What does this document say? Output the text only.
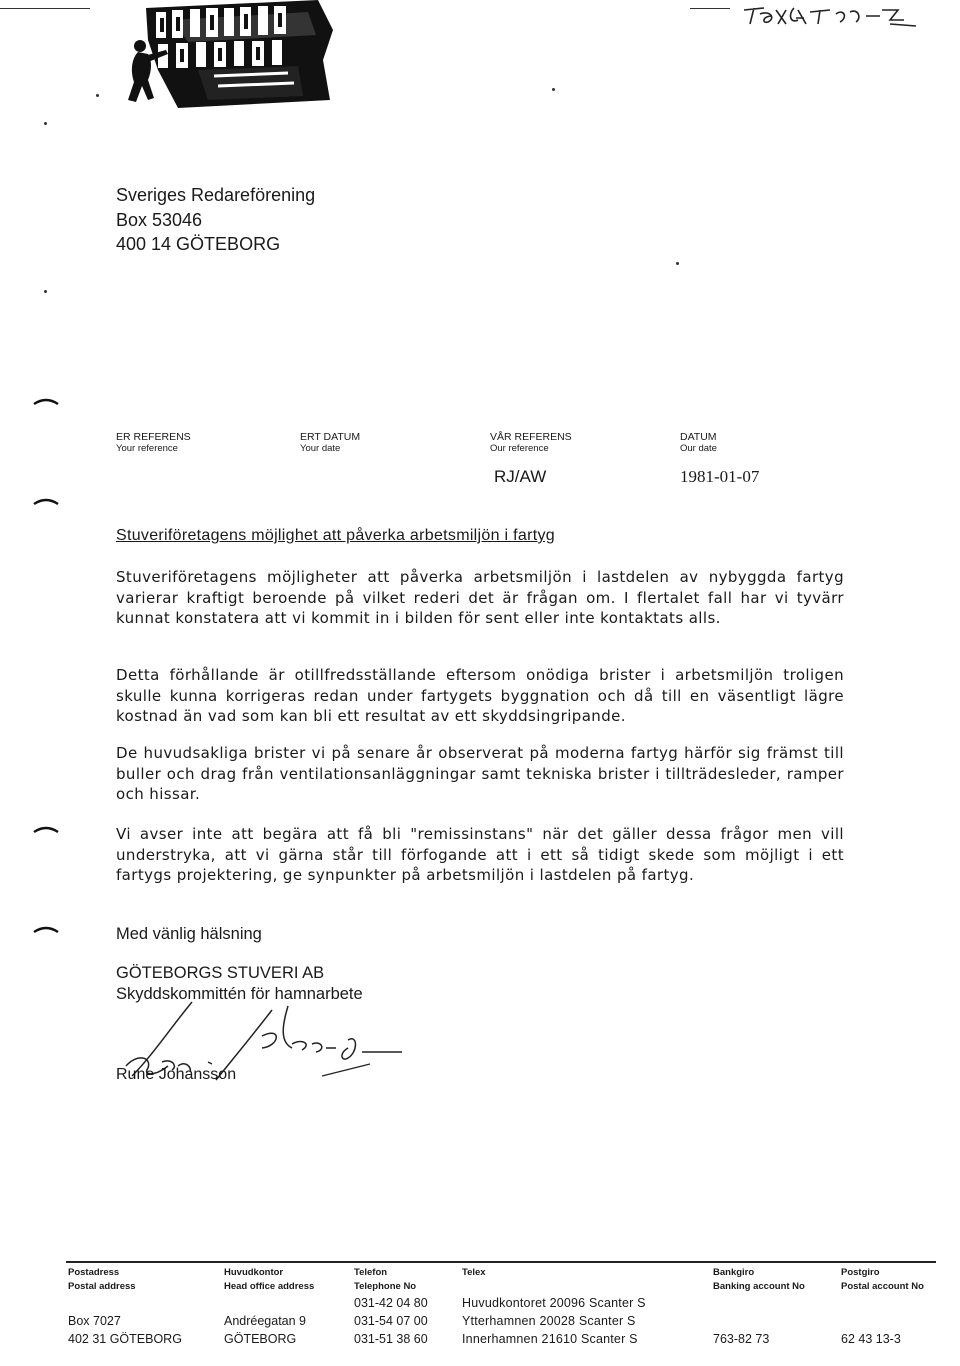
Sveriges Redareförening
Box 53046
400 14 GÖTEBORG
ER REFERENS
Your reference
ERT DATUM
Your date
VÅR REFERENS
Our reference
DATUM
Our date
RJ/AW	1981-01-07
Stuveriföretagens möjlighet att påverka arbetsmiljön i fartyg
Stuveriföretagens möjligheter att påverka arbetsmiljön i lastdelen av nybyggda fartyg varierar kraftigt beroende på vilket rederi det är frågan om. I flertalet fall har vi tyvärr kunnat konstatera att vi kommit in i bilden för sent eller inte kontaktats alls.
Detta förhållande är otillfredsställande eftersom onödiga brister i arbetsmiljön troligen skulle kunna korrigeras redan under fartygets byggnation och då till en väsentligt lägre kostnad än vad som kan bli ett resultat av ett skyddsingripande.
De huvudsakliga brister vi på senare år observerat på moderna fartyg härför sig främst till buller och drag från ventilationsanläggningar samt tekniska brister i tillträdesleder, ramper och hissar.
Vi avser inte att begära att få bli "remissinstans" när det gäller dessa frågor men vill understryka, att vi gärna står till förfogande att i ett så tidigt skede som möjligt i ett fartygs projektering, ge synpunkter på arbetsmiljön i lastdelen på fartyg.
Med vänlig hälsning
GÖTEBORGS STUVERI AB
Skyddskommittén för hamnarbete
Rune Johansson
Postadress
Postal address
Box 7027
402 31 GÖTEBORG
Huvudkontor
Head office address
Andréegatan 9
GÖTEBORG
Telefon
Telephone No
031-42 04 80
031-54 07 00
031-51 38 60
Telex
Huvudkontoret 20096 Scanter S
Ytterhamnen 20028 Scanter S
Innerhamnen 21610 Scanter S
Bankgiro
Banking account No
763-82 73
Postgiro
Postal account No
62 43 13-3
